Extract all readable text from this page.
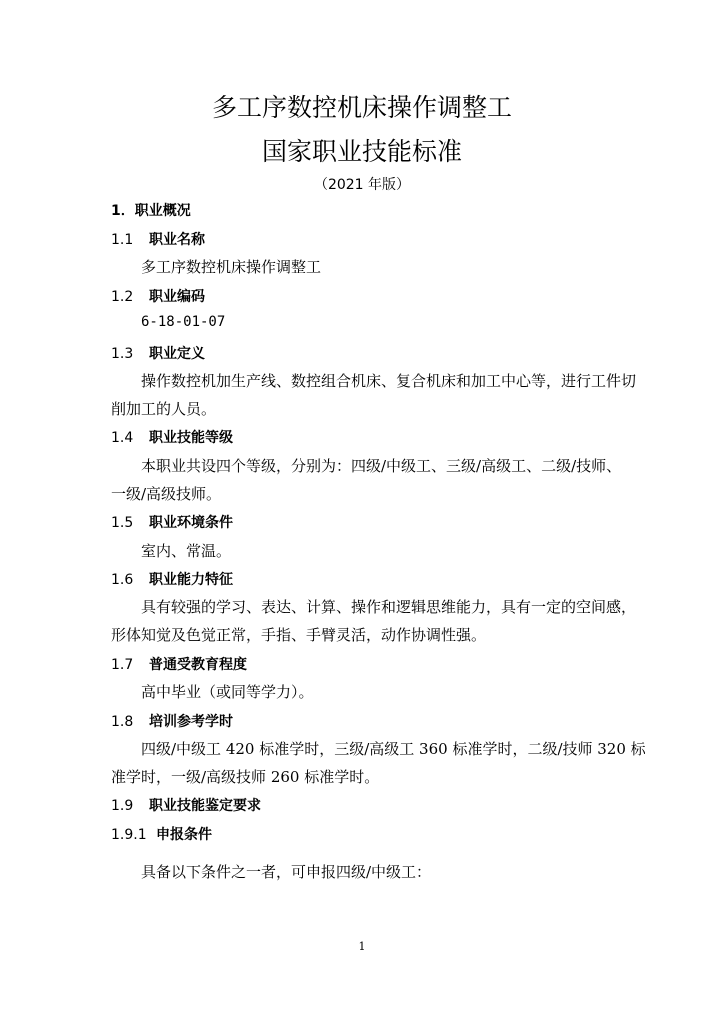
多工序数控机床操作调整工
国家职业技能标准
（2021 年版）
1．职业概况
1.1 职业名称
多工序数控机床操作调整工
1.2 职业编码
6-18-01-07
1.3 职业定义
操作数控机加生产线、数控组合机床、复合机床和加工中心等，进行工件切
削加工的人员。
1.4 职业技能等级
本职业共设四个等级，分别为：四级/中级工、三级/高级工、二级/技师、
一级/高级技师。
1.5 职业环境条件
室内、常温。
1.6 职业能力特征
具有较强的学习、表达、计算、操作和逻辑思维能力，具有一定的空间感，
形体知觉及色觉正常，手指、手臂灵活，动作协调性强。
1.7 普通受教育程度
高中毕业（或同等学力）。
1.8 培训参考学时
四级/中级工 420 标准学时，三级/高级工 360 标准学时，二级/技师 320 标
准学时，一级/高级技师 260 标准学时。
1.9 职业技能鉴定要求
1.9.1 申报条件
具备以下条件之一者，可申报四级/中级工：
1
